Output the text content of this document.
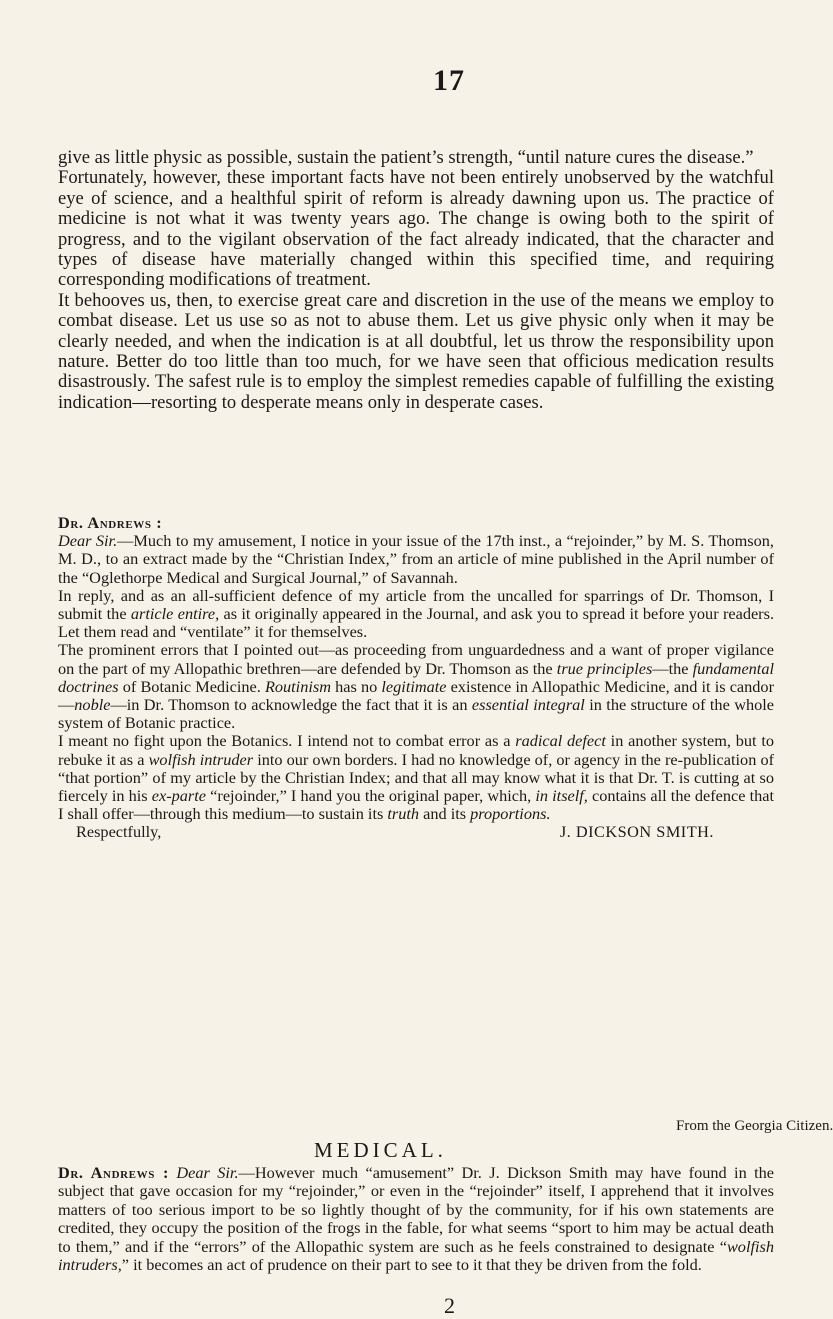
17

give as little physic as possible, sustain the patient’s strength, “until nature cures the disease.”

Fortunately, however, these important facts have not been entirely unobserved by the watchful eye of science, and a healthful spirit of reform is already dawning upon us. The practice of medicine is not what it was twenty years ago. The change is owing both to the spirit of progress, and to the vigilant observation of the fact already indicated, that the character and types of disease have materially changed within this specified time, and requiring corresponding modifications of treatment.

It behooves us, then, to exercise great care and discretion in the use of the means we employ to combat disease. Let us use so as not to abuse them. Let us give physic only when it may be clearly needed, and when the indication is at all doubtful, let us throw the responsibility upon nature. Better do too little than too much, for we have seen that officious medication results disastrously. The safest rule is to employ the simplest remedies capable of fulfilling the existing indication—resorting to desperate means only in desperate cases.

Dr. Andrews :

Dear Sir.—Much to my amusement, I notice in your issue of the 17th inst., a “rejoinder,” by M. S. Thomson, M. D., to an extract made by the “Christian Index,” from an article of mine published in the April number of the “Oglethorpe Medical and Surgical Journal,” of Savannah.

In reply, and as an all-sufficient defence of my article from the uncalled for sparrings of Dr. Thomson, I submit the article entire, as it originally appeared in the Journal, and ask you to spread it before your readers. Let them read and “ventilate” it for themselves.

The prominent errors that I pointed out—as proceeding from unguardedness and a want of proper vigilance on the part of my Allopathic brethren—are defended by Dr. Thomson as the true principles—the fundamental doctrines of Botanic Medicine. Routinism has no legitimate existence in Allopathic Medicine, and it is candor—noble—in Dr. Thomson to acknowledge the fact that it is an essential integral in the structure of the whole system of Botanic practice.

I meant no fight upon the Botanics. I intend not to combat error as a radical defect in another system, but to rebuke it as a wolfish intruder into our own borders. I had no knowledge of, or agency in the re-publication of “that portion” of my article by the Christian Index; and that all may know what it is that Dr. T. is cutting at so fiercely in his ex-parte “rejoinder,” I hand you the original paper, which, in itself, contains all the defence that I shall offer—through this medium—to sustain its truth and its proportions.

Respectfully,	J. DICKSON SMITH.
From the Georgia Citizen.
MEDICAL.

Dr. Andrews : Dear Sir.—However much “amusement” Dr. J. Dickson Smith may have found in the subject that gave occasion for my “rejoinder,” or even in the “rejoinder” itself, I apprehend that it involves matters of too serious import to be so lightly thought of by the community, for if his own statements are credited, they occupy the position of the frogs in the fable, for what seems “sport to him may be actual death to them,” and if the “errors” of the Allopathic system are such as he feels constrained to designate “wolfish intruders,” it becomes an act of prudence on their part to see to it that they be driven from the fold.

2
